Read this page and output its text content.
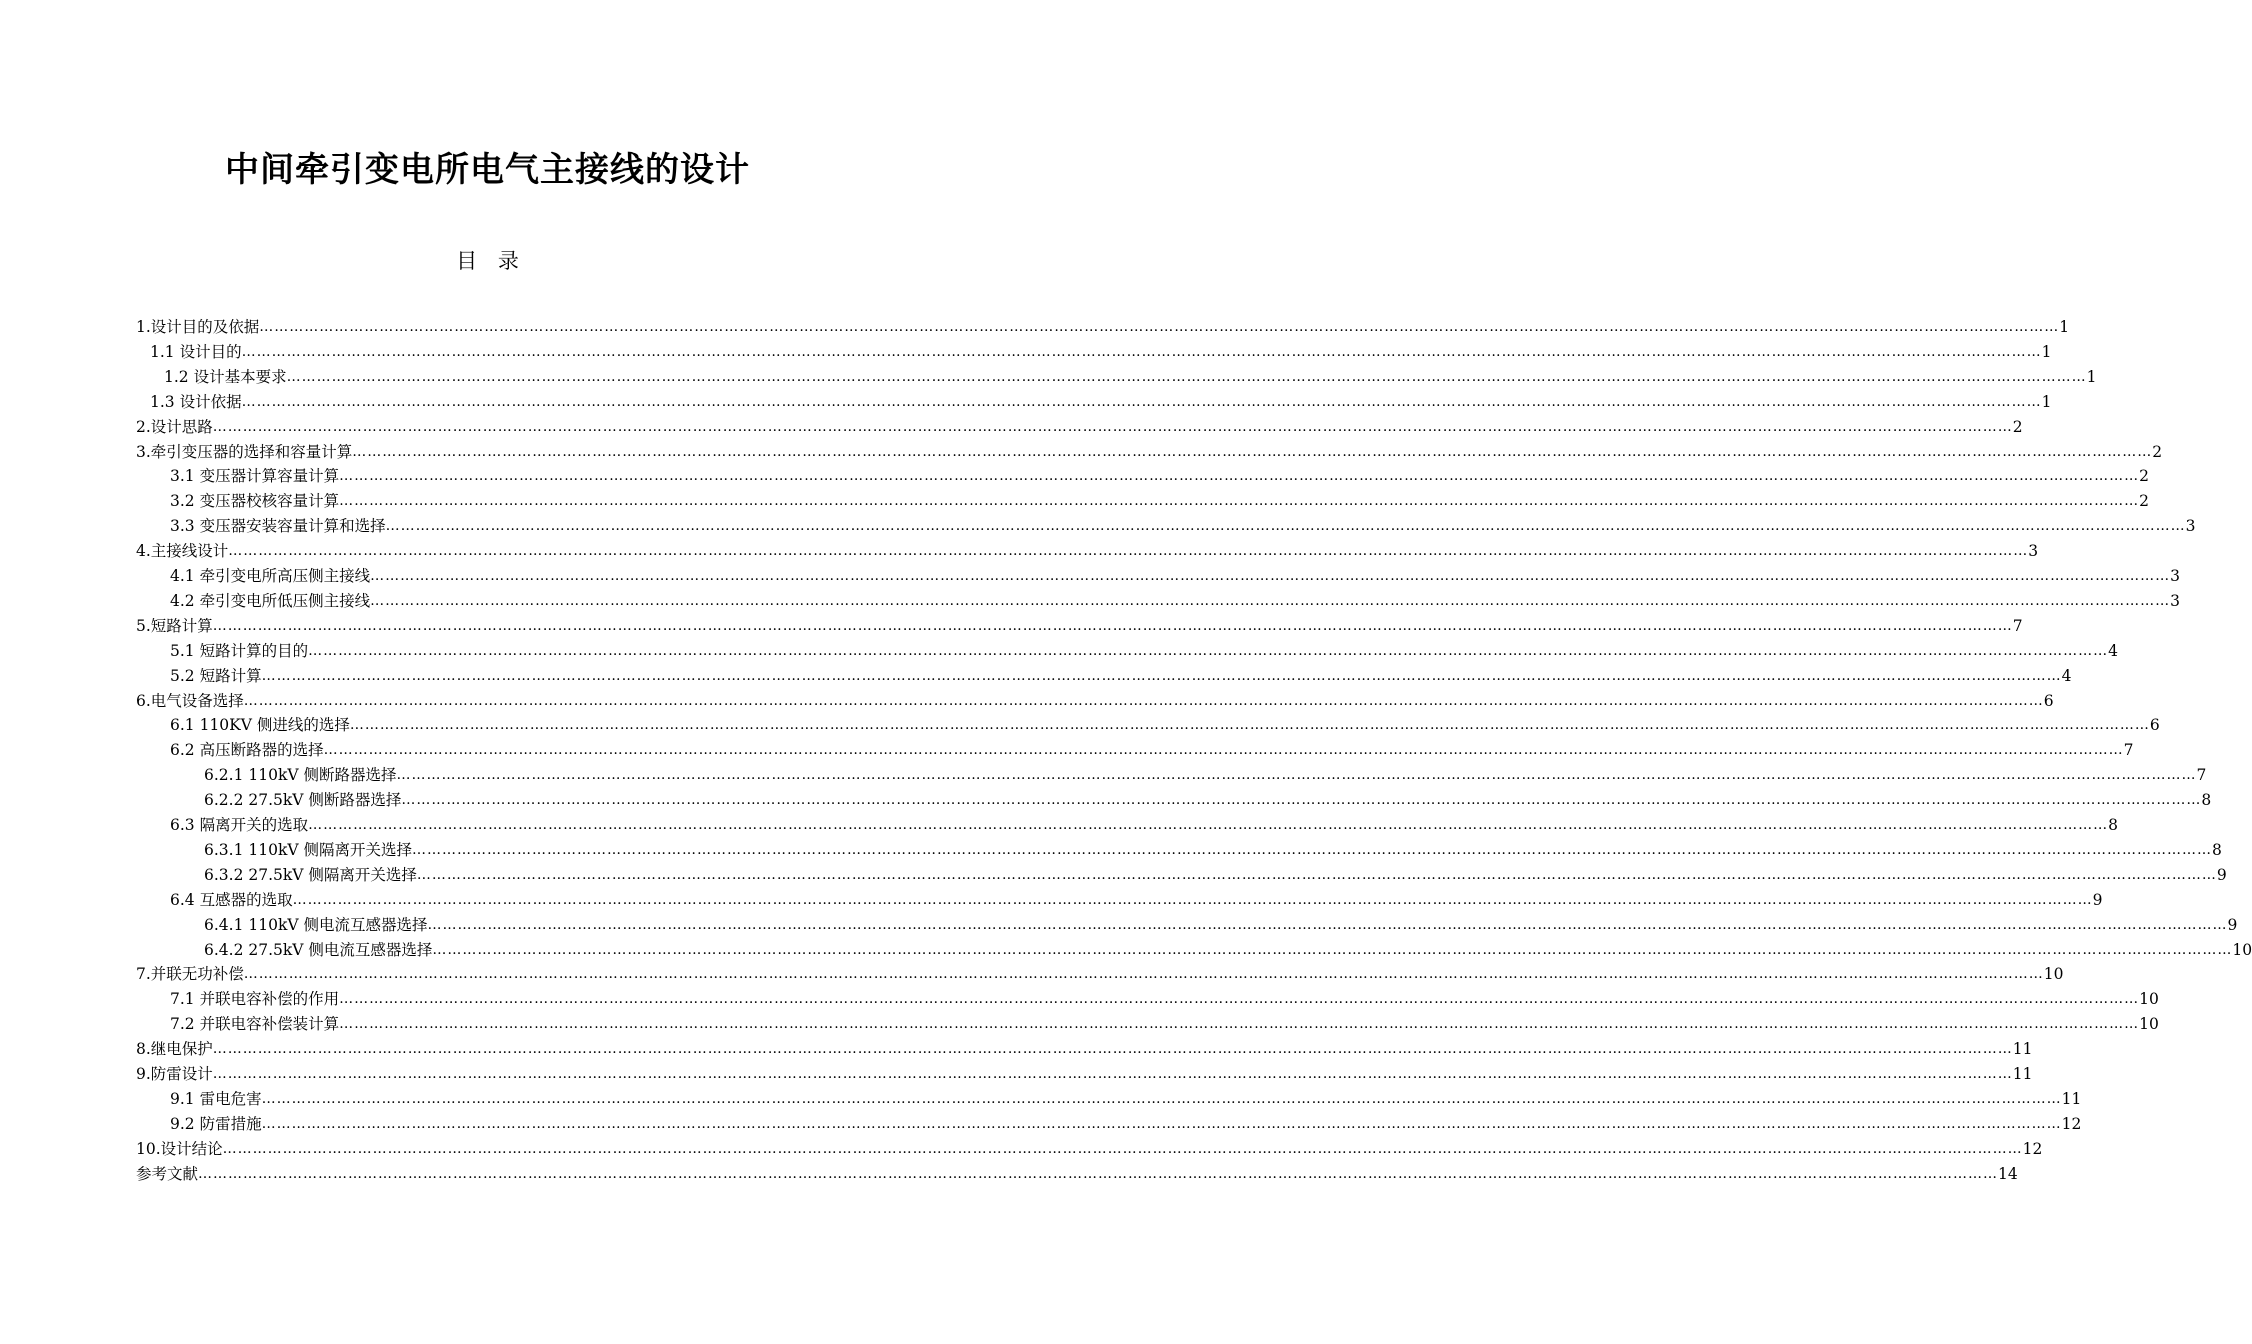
中间牵引变电所电气主接线的设计
目 录
1.设计目的及依据 ……………………………………………………………………………………………………………………………………………………………………………………………………………………………………………………………………………………………………………………………… 1
1.1 设计目的 ……………………………………………………………………………………………………………………………………………………………………………………………………………………………………………………………………………………………………………………………… 1
1.2 设计基本要求 ……………………………………………………………………………………………………………………………………………………………………………………………………………………………………………………………………………………………………………………………… 1
1.3 设计依据 ……………………………………………………………………………………………………………………………………………………………………………………………………………………………………………………………………………………………………………………………… 1
2.设计思路 ……………………………………………………………………………………………………………………………………………………………………………………………………………………………………………………………………………………………………………………………… 2
3.牵引变压器的选择和容量计算 ……………………………………………………………………………………………………………………………………………………………………………………………………………………………………………………………………………………………………………………………… 2
3.1 变压器计算容量计算 ……………………………………………………………………………………………………………………………………………………………………………………………………………………………………………………………………………………………………………………………… 2
3.2 变压器校核容量计算 ……………………………………………………………………………………………………………………………………………………………………………………………………………………………………………………………………………………………………………………………… 2
3.3 变压器安装容量计算和选择 ……………………………………………………………………………………………………………………………………………………………………………………………………………………………………………………………………………………………………………………………… 3
4.主接线设计 ……………………………………………………………………………………………………………………………………………………………………………………………………………………………………………………………………………………………………………………………… 3
4.1 牵引变电所高压侧主接线 ……………………………………………………………………………………………………………………………………………………………………………………………………………………………………………………………………………………………………………………………… 3
4.2 牵引变电所低压侧主接线 ……………………………………………………………………………………………………………………………………………………………………………………………………………………………………………………………………………………………………………………………… 3
5.短路计算 ……………………………………………………………………………………………………………………………………………………………………………………………………………………………………………………………………………………………………………………………… 7
5.1 短路计算的目的 ……………………………………………………………………………………………………………………………………………………………………………………………………………………………………………………………………………………………………………………………… 4
5.2 短路计算 ……………………………………………………………………………………………………………………………………………………………………………………………………………………………………………………………………………………………………………………………… 4
6.电气设备选择 ……………………………………………………………………………………………………………………………………………………………………………………………………………………………………………………………………………………………………………………………… 6
6.1 110KV 侧进线的选择 ……………………………………………………………………………………………………………………………………………………………………………………………………………………………………………………………………………………………………………………………… 6
6.2 高压断路器的选择 ……………………………………………………………………………………………………………………………………………………………………………………………………………………………………………………………………………………………………………………………… 7
6.2.1 110kV 侧断路器选择 ……………………………………………………………………………………………………………………………………………………………………………………………………………………………………………………………………………………………………………………………… 7
6.2.2 27.5kV 侧断路器选择 ……………………………………………………………………………………………………………………………………………………………………………………………………………………………………………………………………………………………………………………………… 8
6.3 隔离开关的选取 ……………………………………………………………………………………………………………………………………………………………………………………………………………………………………………………………………………………………………………………………… 8
6.3.1 110kV 侧隔离开关选择 ……………………………………………………………………………………………………………………………………………………………………………………………………………………………………………………………………………………………………………………………… 8
6.3.2 27.5kV 侧隔离开关选择 ……………………………………………………………………………………………………………………………………………………………………………………………………………………………………………………………………………………………………………………………… 9
6.4 互感器的选取 ……………………………………………………………………………………………………………………………………………………………………………………………………………………………………………………………………………………………………………………………… 9
6.4.1 110kV 侧电流互感器选择 ……………………………………………………………………………………………………………………………………………………………………………………………………………………………………………………………………………………………………………………………… 9
6.4.2 27.5kV 侧电流互感器选择 ……………………………………………………………………………………………………………………………………………………………………………………………………………………………………………………………………………………………………………………………… 10
7.并联无功补偿 ……………………………………………………………………………………………………………………………………………………………………………………………………………………………………………………………………………………………………………………………… 10
7.1 并联电容补偿的作用 ……………………………………………………………………………………………………………………………………………………………………………………………………………………………………………………………………………………………………………………………… 10
7.2 并联电容补偿装计算 ……………………………………………………………………………………………………………………………………………………………………………………………………………………………………………………………………………………………………………………………… 10
8.继电保护 ……………………………………………………………………………………………………………………………………………………………………………………………………………………………………………………………………………………………………………………………… 11
9.防雷设计 ……………………………………………………………………………………………………………………………………………………………………………………………………………………………………………………………………………………………………………………………… 11
9.1 雷电危害 ……………………………………………………………………………………………………………………………………………………………………………………………………………………………………………………………………………………………………………………………… 11
9.2 防雷措施 ……………………………………………………………………………………………………………………………………………………………………………………………………………………………………………………………………………………………………………………………… 12
10.设计结论 ……………………………………………………………………………………………………………………………………………………………………………………………………………………………………………………………………………………………………………………………… 12
参考文献 ……………………………………………………………………………………………………………………………………………………………………………………………………………………………………………………………………………………………………………………………… 14
